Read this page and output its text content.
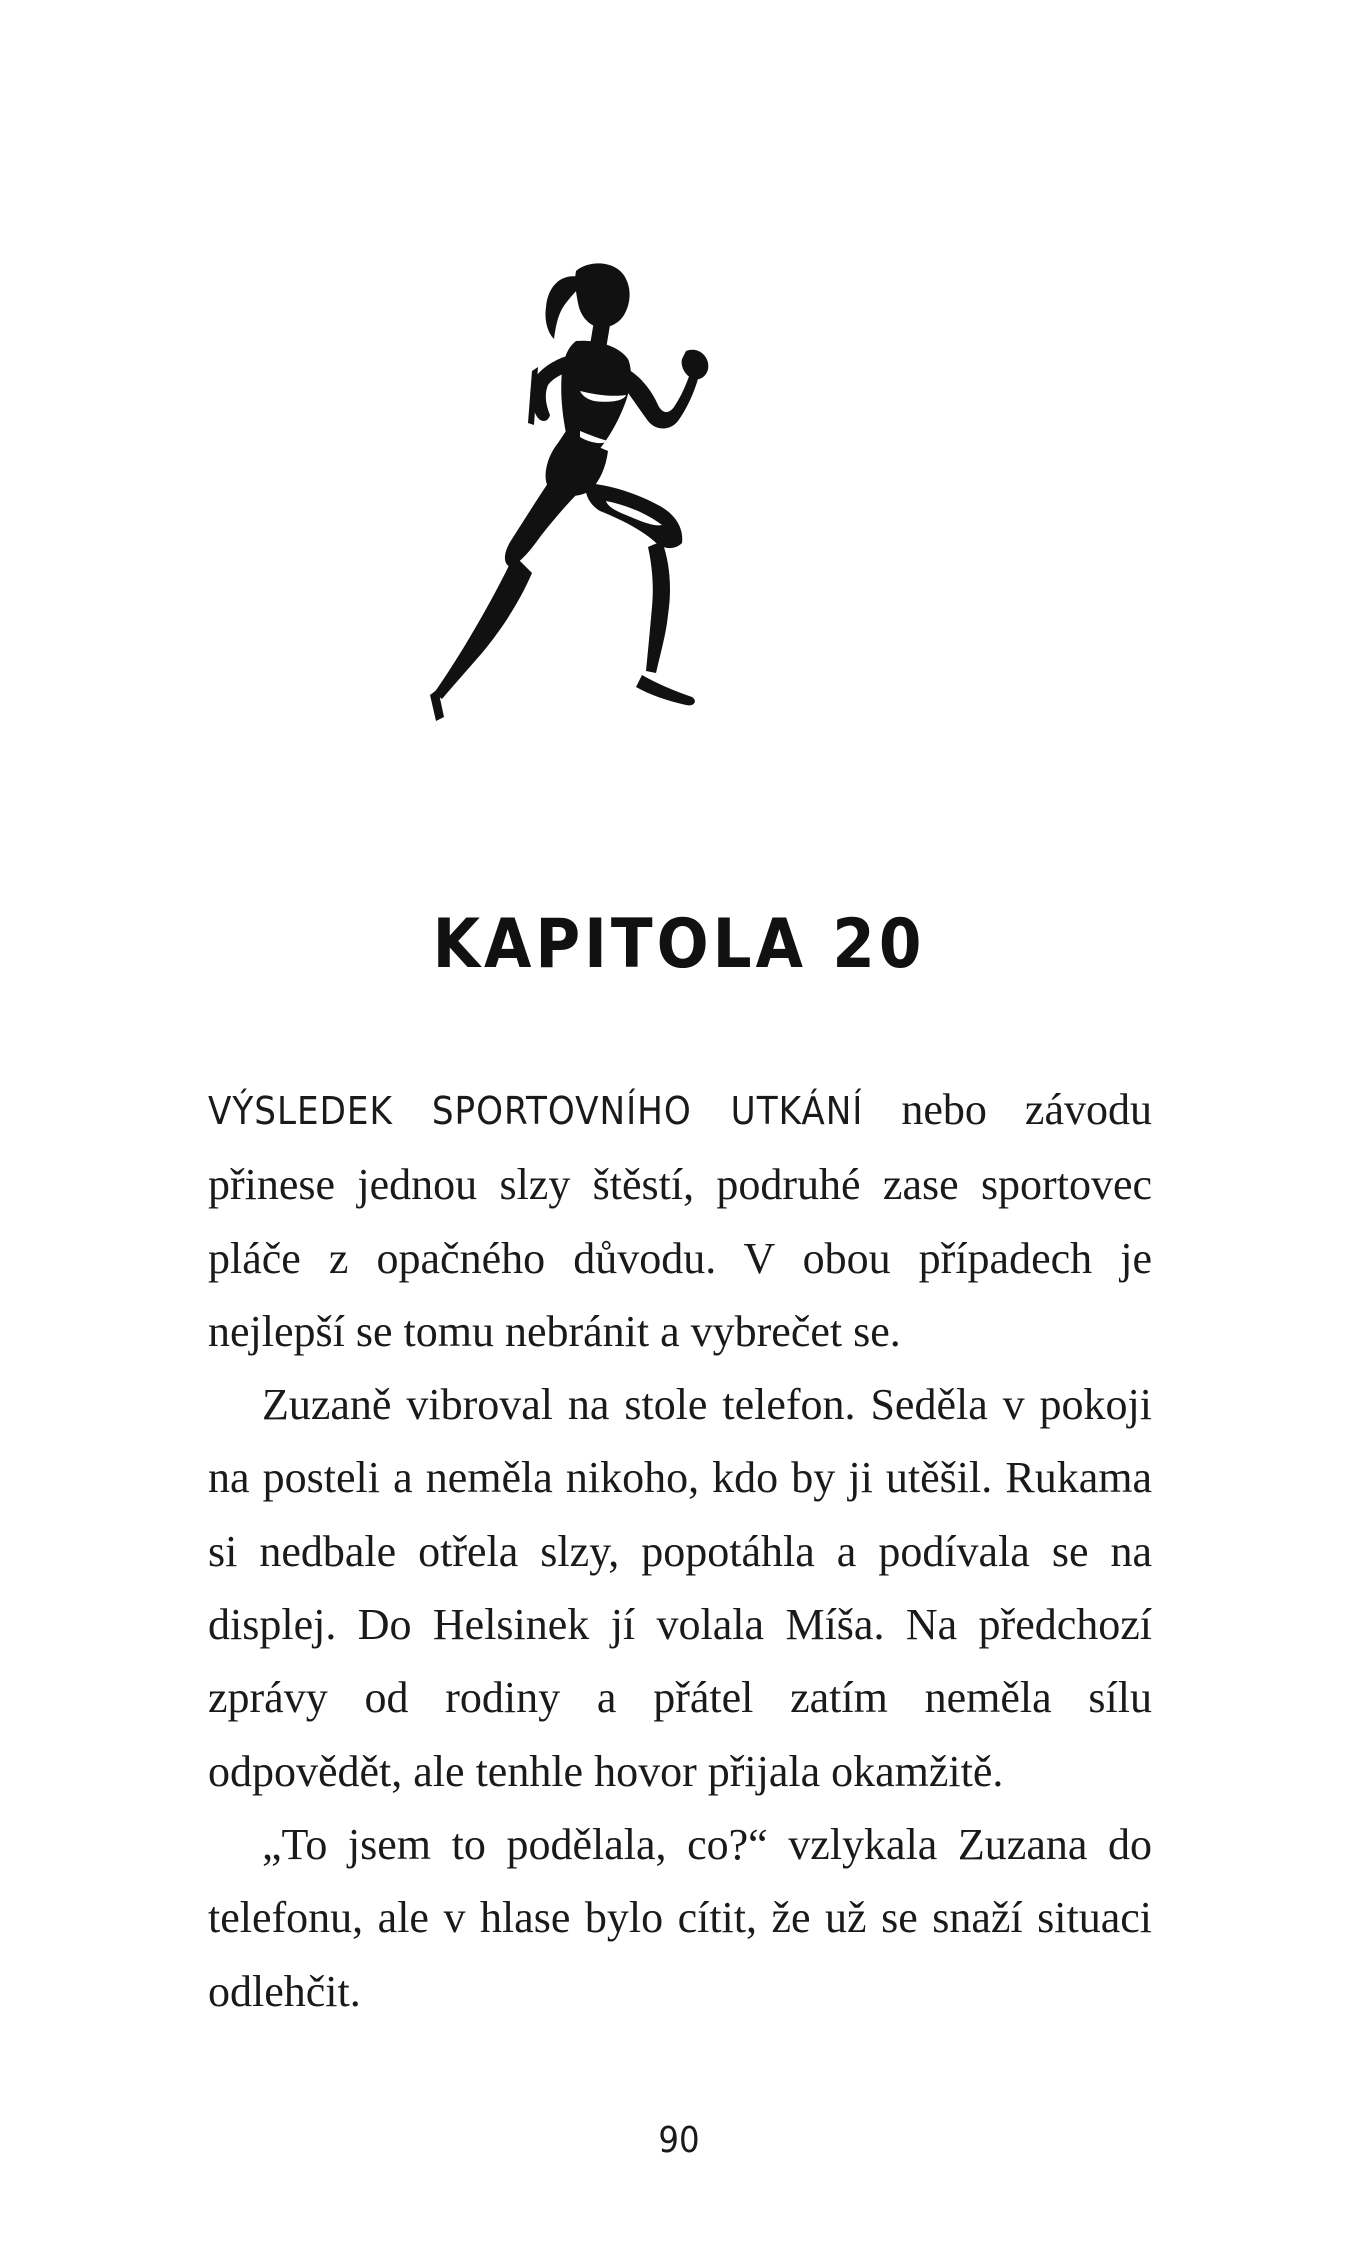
KAPITOLA 20

VÝSLEDEK SPORTOVNÍHO UTKÁNÍ nebo závodu přinese jednou slzy štěstí, podruhé zase sportovec pláče z opačného důvodu. V obou případech je nejlepší se tomu nebránit a vybrečet se.

Zuzaně vibroval na stole telefon. Seděla v pokoji na posteli a neměla nikoho, kdo by ji utěšil. Rukama si nedbale otřela slzy, popotáhla a podívala se na displej. Do Helsinek jí volala Míša. Na předchozí zprávy od rodiny a přátel zatím neměla sílu odpovědět, ale tenhle hovor přijala okamžitě.

„To jsem to podělala, co?“ vzlykala Zuzana do telefonu, ale v hlase bylo cítit, že už se snaží situaci odlehčit.

90
